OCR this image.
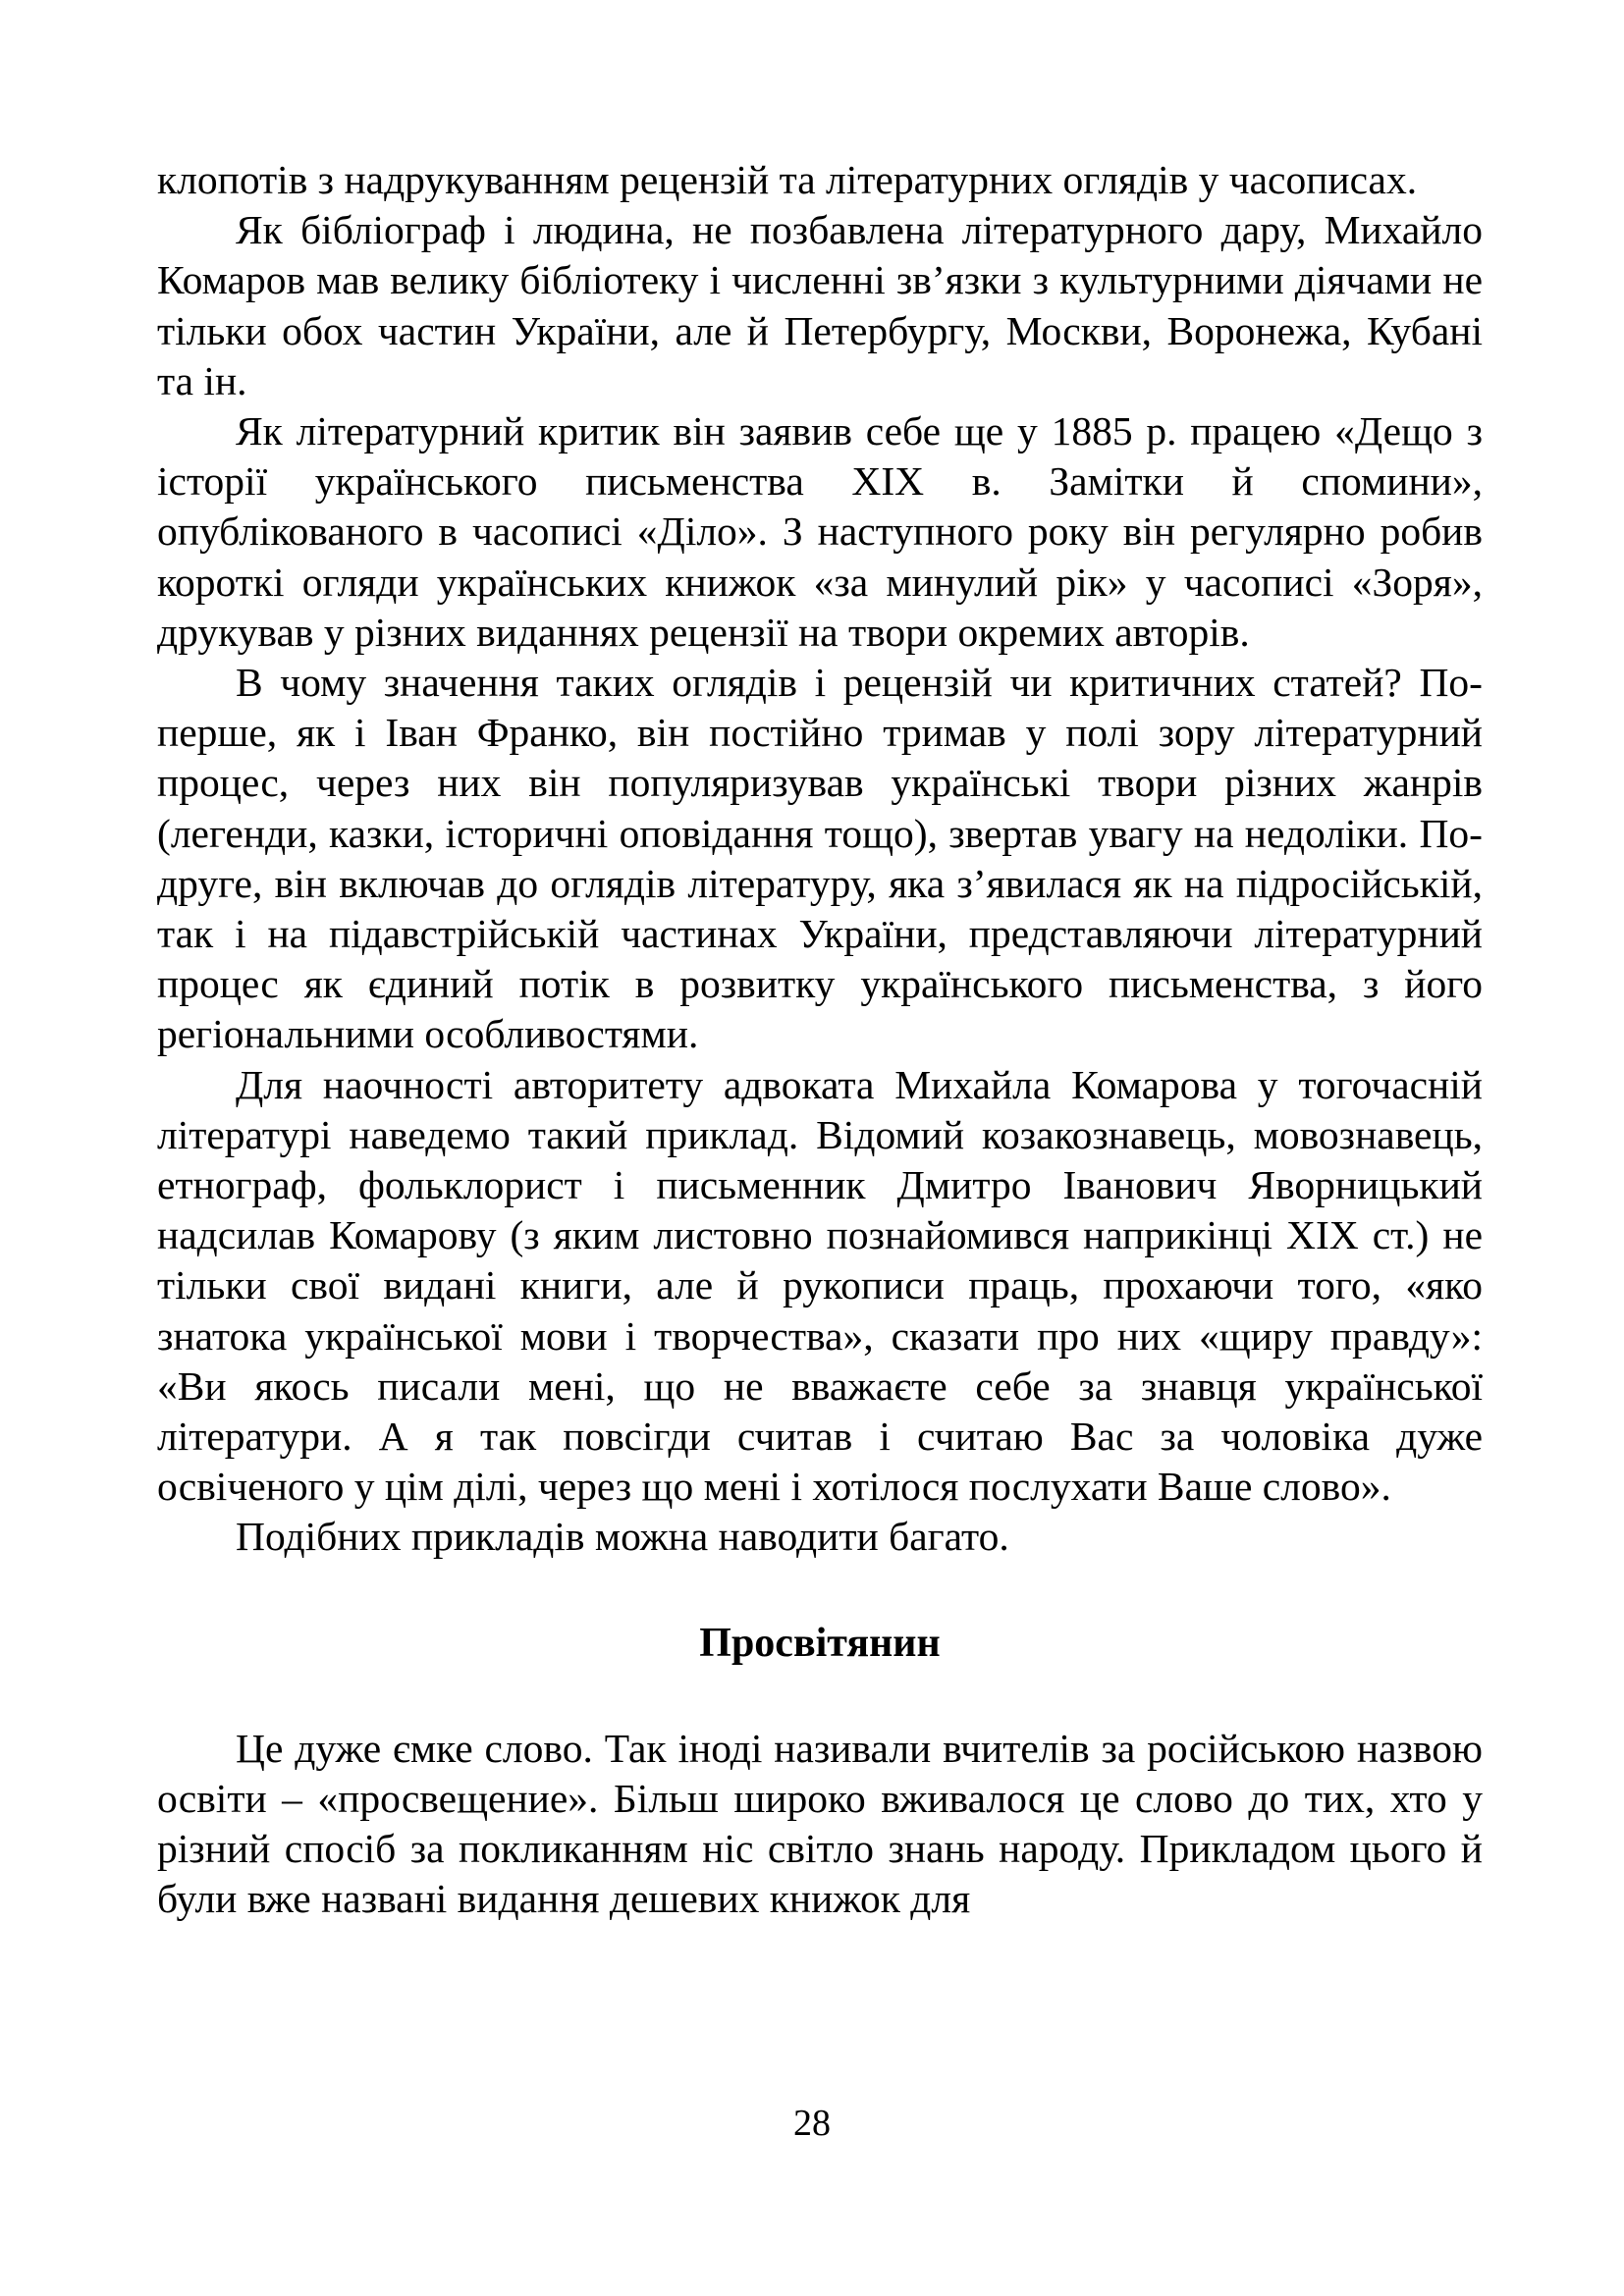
клопотів з надрукуванням рецензій та літературних оглядів у часописах.

Як бібліограф і людина, не позбавлена літературного дару, Михайло Комаров мав велику бібліотеку і численні зв’язки з культурними діячами не тільки обох частин України, але й Петербургу, Москви, Воронежа, Кубані та ін.

Як літературний критик він заявив себе ще у 1885 р. працею «Дещо з історії українського письменства XIX в. Замітки й спомини», опублікованого в часописі «Діло». З наступного року він регулярно робив короткі огляди українських книжок «за минулий рік» у часописі «Зоря», друкував у різних виданнях рецензії на твори окремих авторів.

В чому значення таких оглядів і рецензій чи критичних статей? По-перше, як і Іван Франко, він постійно тримав у полі зору літературний процес, через них він популяризував українські твори різних жанрів (легенди, казки, історичні оповідання тощо), звертав увагу на недоліки. По-друге, він включав до оглядів літературу, яка з’явилася як на підросійській, так і на підавстрійській частинах України, представляючи літературний процес як єдиний потік в розвитку українського письменства, з його регіональними особливостями.

Для наочності авторитету адвоката Михайла Комарова у тогочасній літературі наведемо такий приклад. Відомий козакознавець, мовознавець, етнограф, фольклорист і письменник Дмитро Іванович Яворницький надсилав Комарову (з яким листовно познайомився наприкінці XIX ст.) не тільки свої видані книги, але й рукописи праць, прохаючи того, «яко знатока української мови і творчества», сказати про них «щиру правду»: «Ви якось писали мені, що не вважаєте себе за знавця української літератури. А я так повсігди считав і считаю Вас за чоловіка дуже освіченого у цім ділі, через що мені і хотілося послухати Ваше слово».

Подібних прикладів можна наводити багато.

Просвітянин

Це дуже ємке слово. Так іноді називали вчителів за російською назвою освіти – «просвещение». Більш широко вживалося це слово до тих, хто у різний спосіб за покликанням ніс світло знань народу. Прикладом цього й були вже названі видання дешевих книжок для

28
